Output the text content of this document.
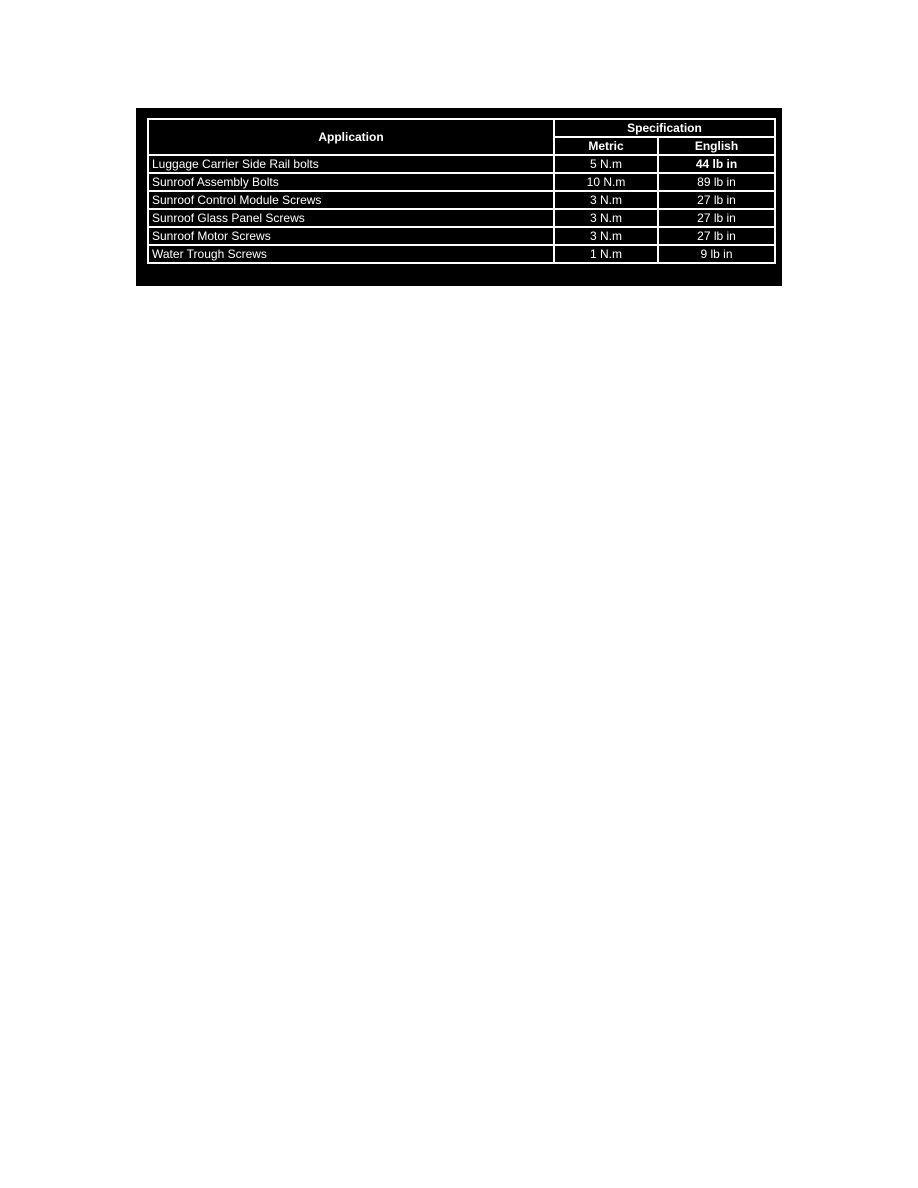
Application	Specification	
	Metric	English
Luggage Carrier Side Rail bolts	5 N.m	44 lb in
Sunroof Assembly Bolts	10 N.m	89 lb in
Sunroof Control Module Screws	3 N.m	27 lb in
Sunroof Glass Panel Screws	3 N.m	27 lb in
Sunroof Motor Screws	3 N.m	27 lb in
Water Trough Screws	1 N.m	9 lb in
